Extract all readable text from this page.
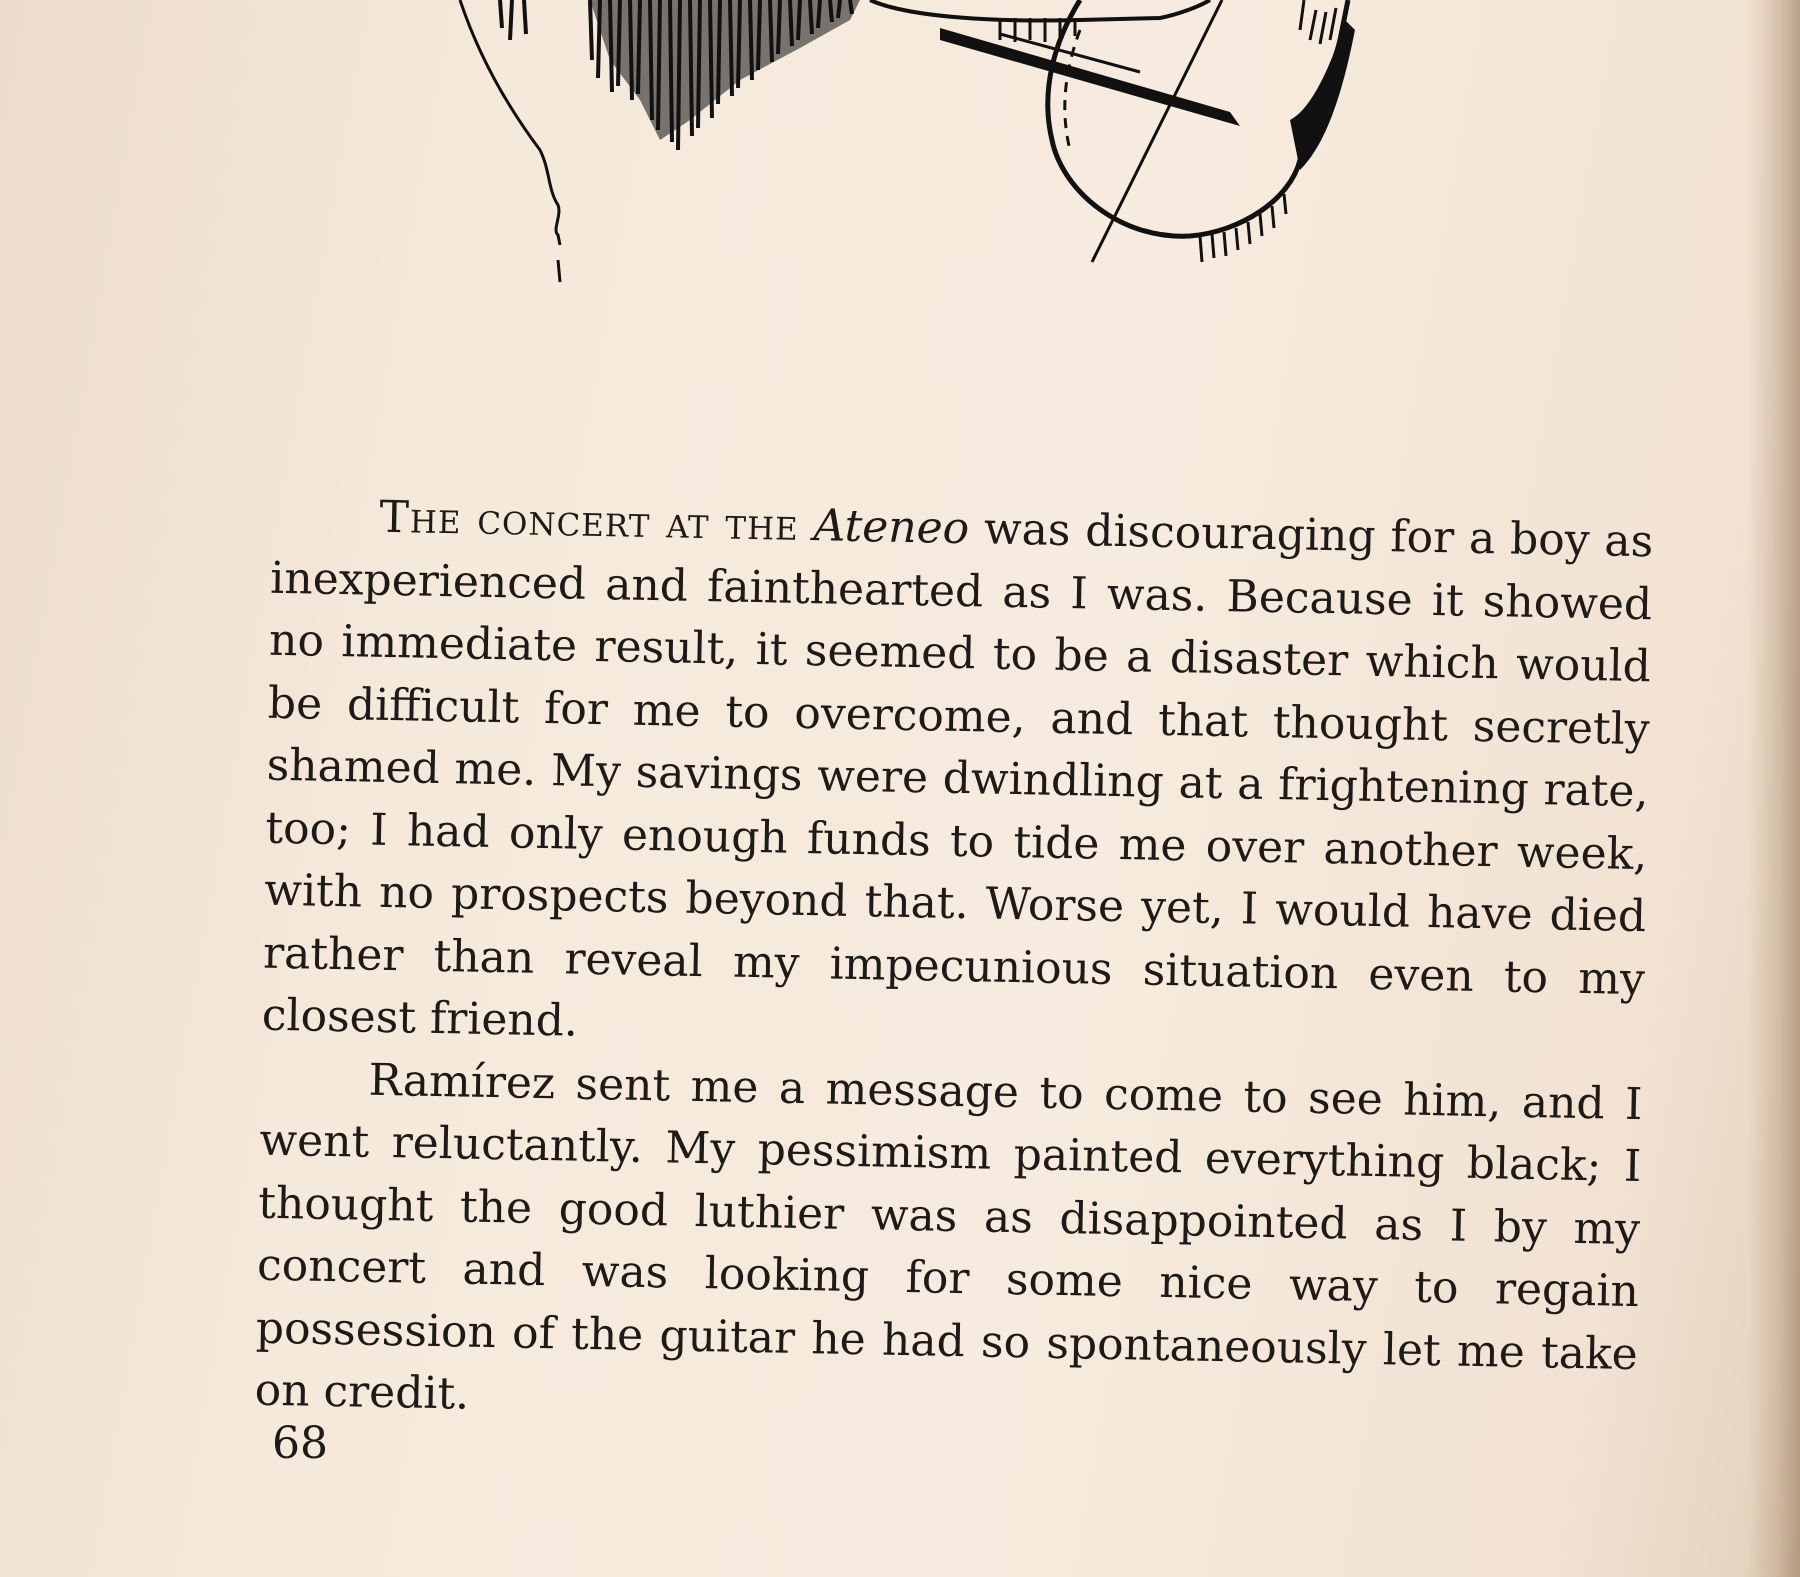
The concert at the Ateneo was discouraging for a boy as inexperienced and fainthearted as I was. Because it showed no immediate result, it seemed to be a disaster which would be difficult for me to overcome, and that thought secretly shamed me. My savings were dwindling at a frightening rate, too; I had only enough funds to tide me over another week, with no prospects beyond that. Worse yet, I would have died rather than reveal my impecunious situation even to my closest friend.

Ramírez sent me a message to come to see him, and I went reluctantly. My pessimism painted everything black; I thought the good luthier was as disappointed as I by my concert and was looking for some nice way to regain possession of the guitar he had so spontaneously let me take on credit.

68
